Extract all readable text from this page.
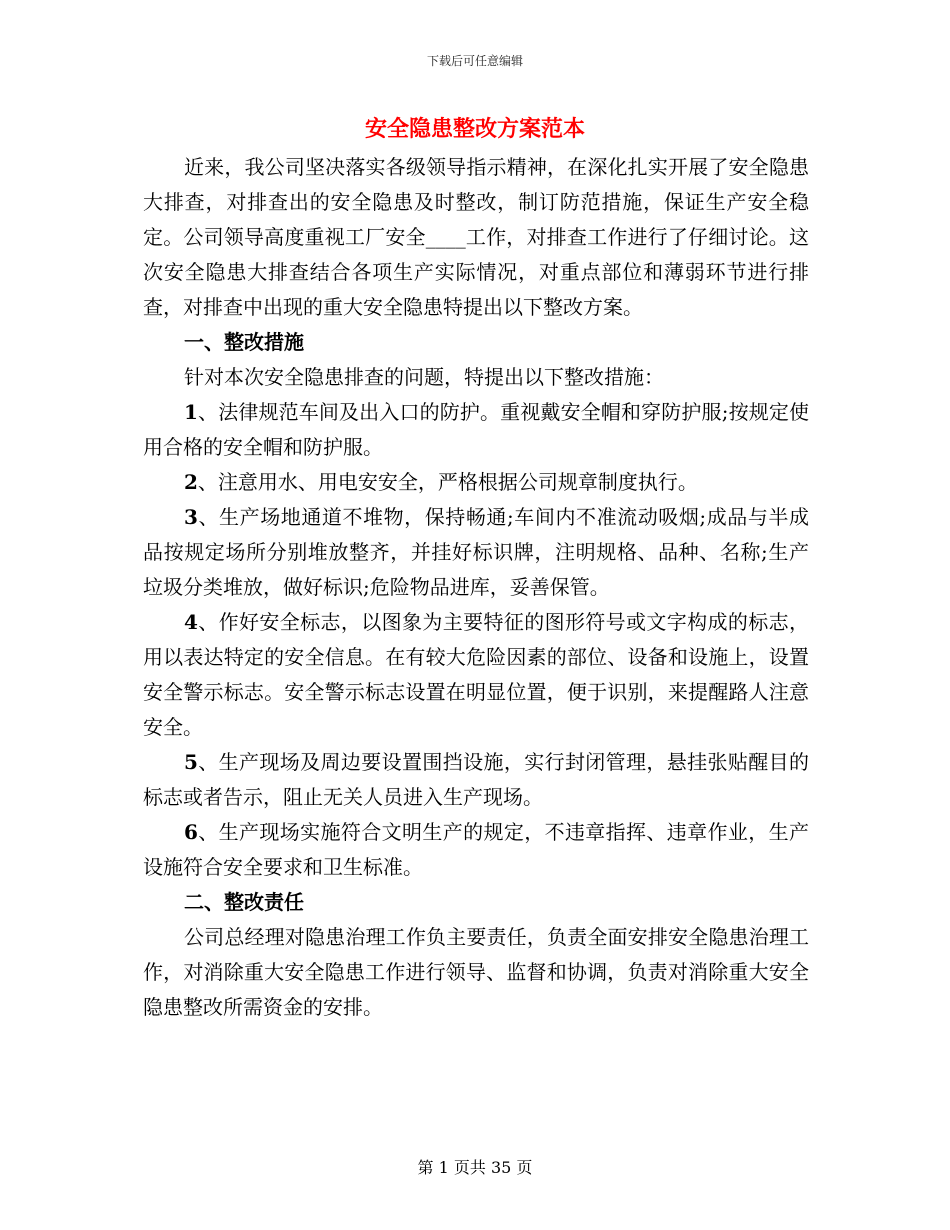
下载后可任意编辑
安全隐患整改方案范本

近来，我公司坚决落实各级领导指示精神，在深化扎实开展了安全隐患大排查，对排查出的安全隐患及时整改，制订防范措施，保证生产安全稳定。公司领导高度重视工厂安全____工作，对排查工作进行了仔细讨论。这次安全隐患大排查结合各项生产实际情况，对重点部位和薄弱环节进行排查，对排查中出现的重大安全隐患特提出以下整改方案。

一、整改措施

针对本次安全隐患排查的问题，特提出以下整改措施：

1、法律规范车间及出入口的防护。重视戴安全帽和穿防护服;按规定使用合格的安全帽和防护服。

2、注意用水、用电安安全，严格根据公司规章制度执行。

3、生产场地通道不堆物，保持畅通;车间内不准流动吸烟;成品与半成品按规定场所分别堆放整齐，并挂好标识牌，注明规格、品种、名称;生产垃圾分类堆放，做好标识;危险物品进库，妥善保管。

4、作好安全标志，以图象为主要特征的图形符号或文字构成的标志，用以表达特定的安全信息。在有较大危险因素的部位、设备和设施上，设置安全警示标志。安全警示标志设置在明显位置，便于识别，来提醒路人注意安全。

5、生产现场及周边要设置围挡设施，实行封闭管理，悬挂张贴醒目的标志或者告示，阻止无关人员进入生产现场。

6、生产现场实施符合文明生产的规定，不违章指挥、违章作业，生产设施符合安全要求和卫生标准。

二、整改责任

公司总经理对隐患治理工作负主要责任，负责全面安排安全隐患治理工作，对消除重大安全隐患工作进行领导、监督和协调，负责对消除重大安全隐患整改所需资金的安排。

第 1 页共 35 页
